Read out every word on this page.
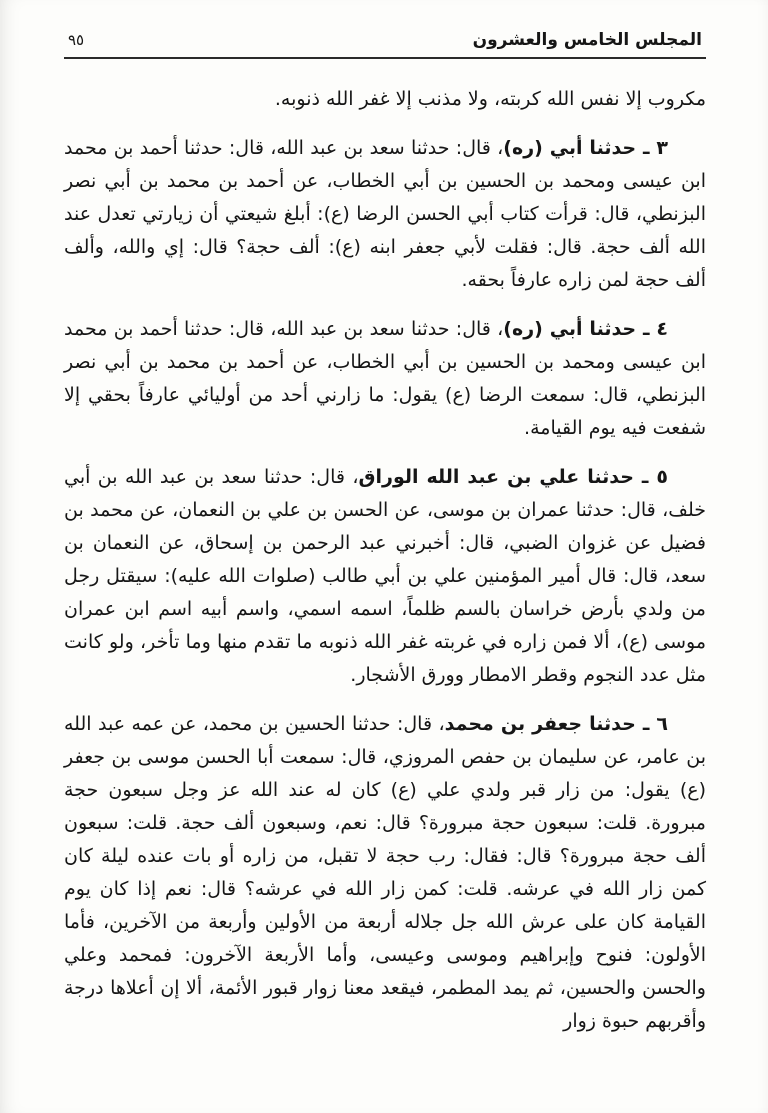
المجلس الخامس والعشرون
٩٥

مكروب إلا نفس الله كربته، ولا مذنب إلا غفر الله ذنوبه.

٣ ـ حدثنا أبي (ره)، قال: حدثنا سعد بن عبد الله، قال: حدثنا أحمد بن محمد ابن عيسى ومحمد بن الحسين بن أبي الخطاب، عن أحمد بن محمد بن أبي نصر البزنطي، قال: قرأت كتاب أبي الحسن الرضا (ع): أبلغ شيعتي أن زيارتي تعدل عند الله ألف حجة. قال: فقلت لأبي جعفر ابنه (ع): ألف حجة؟ قال: إي والله، وألف ألف حجة لمن زاره عارفاً بحقه.

٤ ـ حدثنا أبي (ره)، قال: حدثنا سعد بن عبد الله، قال: حدثنا أحمد بن محمد ابن عيسى ومحمد بن الحسين بن أبي الخطاب، عن أحمد بن محمد بن أبي نصر البزنطي، قال: سمعت الرضا (ع) يقول: ما زارني أحد من أوليائي عارفاً بحقي إلا شفعت فيه يوم القيامة.

٥ ـ حدثنا علي بن عبد الله الوراق، قال: حدثنا سعد بن عبد الله بن أبي خلف، قال: حدثنا عمران بن موسى، عن الحسن بن علي بن النعمان، عن محمد بن فضيل عن غزوان الضبي، قال: أخبرني عبد الرحمن بن إسحاق، عن النعمان بن سعد، قال: قال أمير المؤمنين علي بن أبي طالب (صلوات الله عليه): سيقتل رجل من ولدي بأرض خراسان بالسم ظلماً، اسمه اسمي، واسم أبيه اسم ابن عمران موسى (ع)، ألا فمن زاره في غربته غفر الله ذنوبه ما تقدم منها وما تأخر، ولو كانت مثل عدد النجوم وقطر الامطار وورق الأشجار.

٦ ـ حدثنا جعفر بن محمد، قال: حدثنا الحسين بن محمد، عن عمه عبد الله بن عامر، عن سليمان بن حفص المروزي، قال: سمعت أبا الحسن موسى بن جعفر (ع) يقول: من زار قبر ولدي علي (ع) كان له عند الله عز وجل سبعون حجة مبرورة. قلت: سبعون حجة مبرورة؟ قال: نعم، وسبعون ألف حجة. قلت: سبعون ألف حجة مبرورة؟ قال: فقال: رب حجة لا تقبل، من زاره أو بات عنده ليلة كان كمن زار الله في عرشه. قلت: كمن زار الله في عرشه؟ قال: نعم إذا كان يوم القيامة كان على عرش الله جل جلاله أربعة من الأولين وأربعة من الآخرين، فأما الأولون: فنوح وإبراهيم وموسى وعيسى، وأما الأربعة الآخرون: فمحمد وعلي والحسن والحسين، ثم يمد المطمر، فيقعد معنا زوار قبور الأئمة، ألا إن أعلاها درجة وأقربهم حبوة زوار
